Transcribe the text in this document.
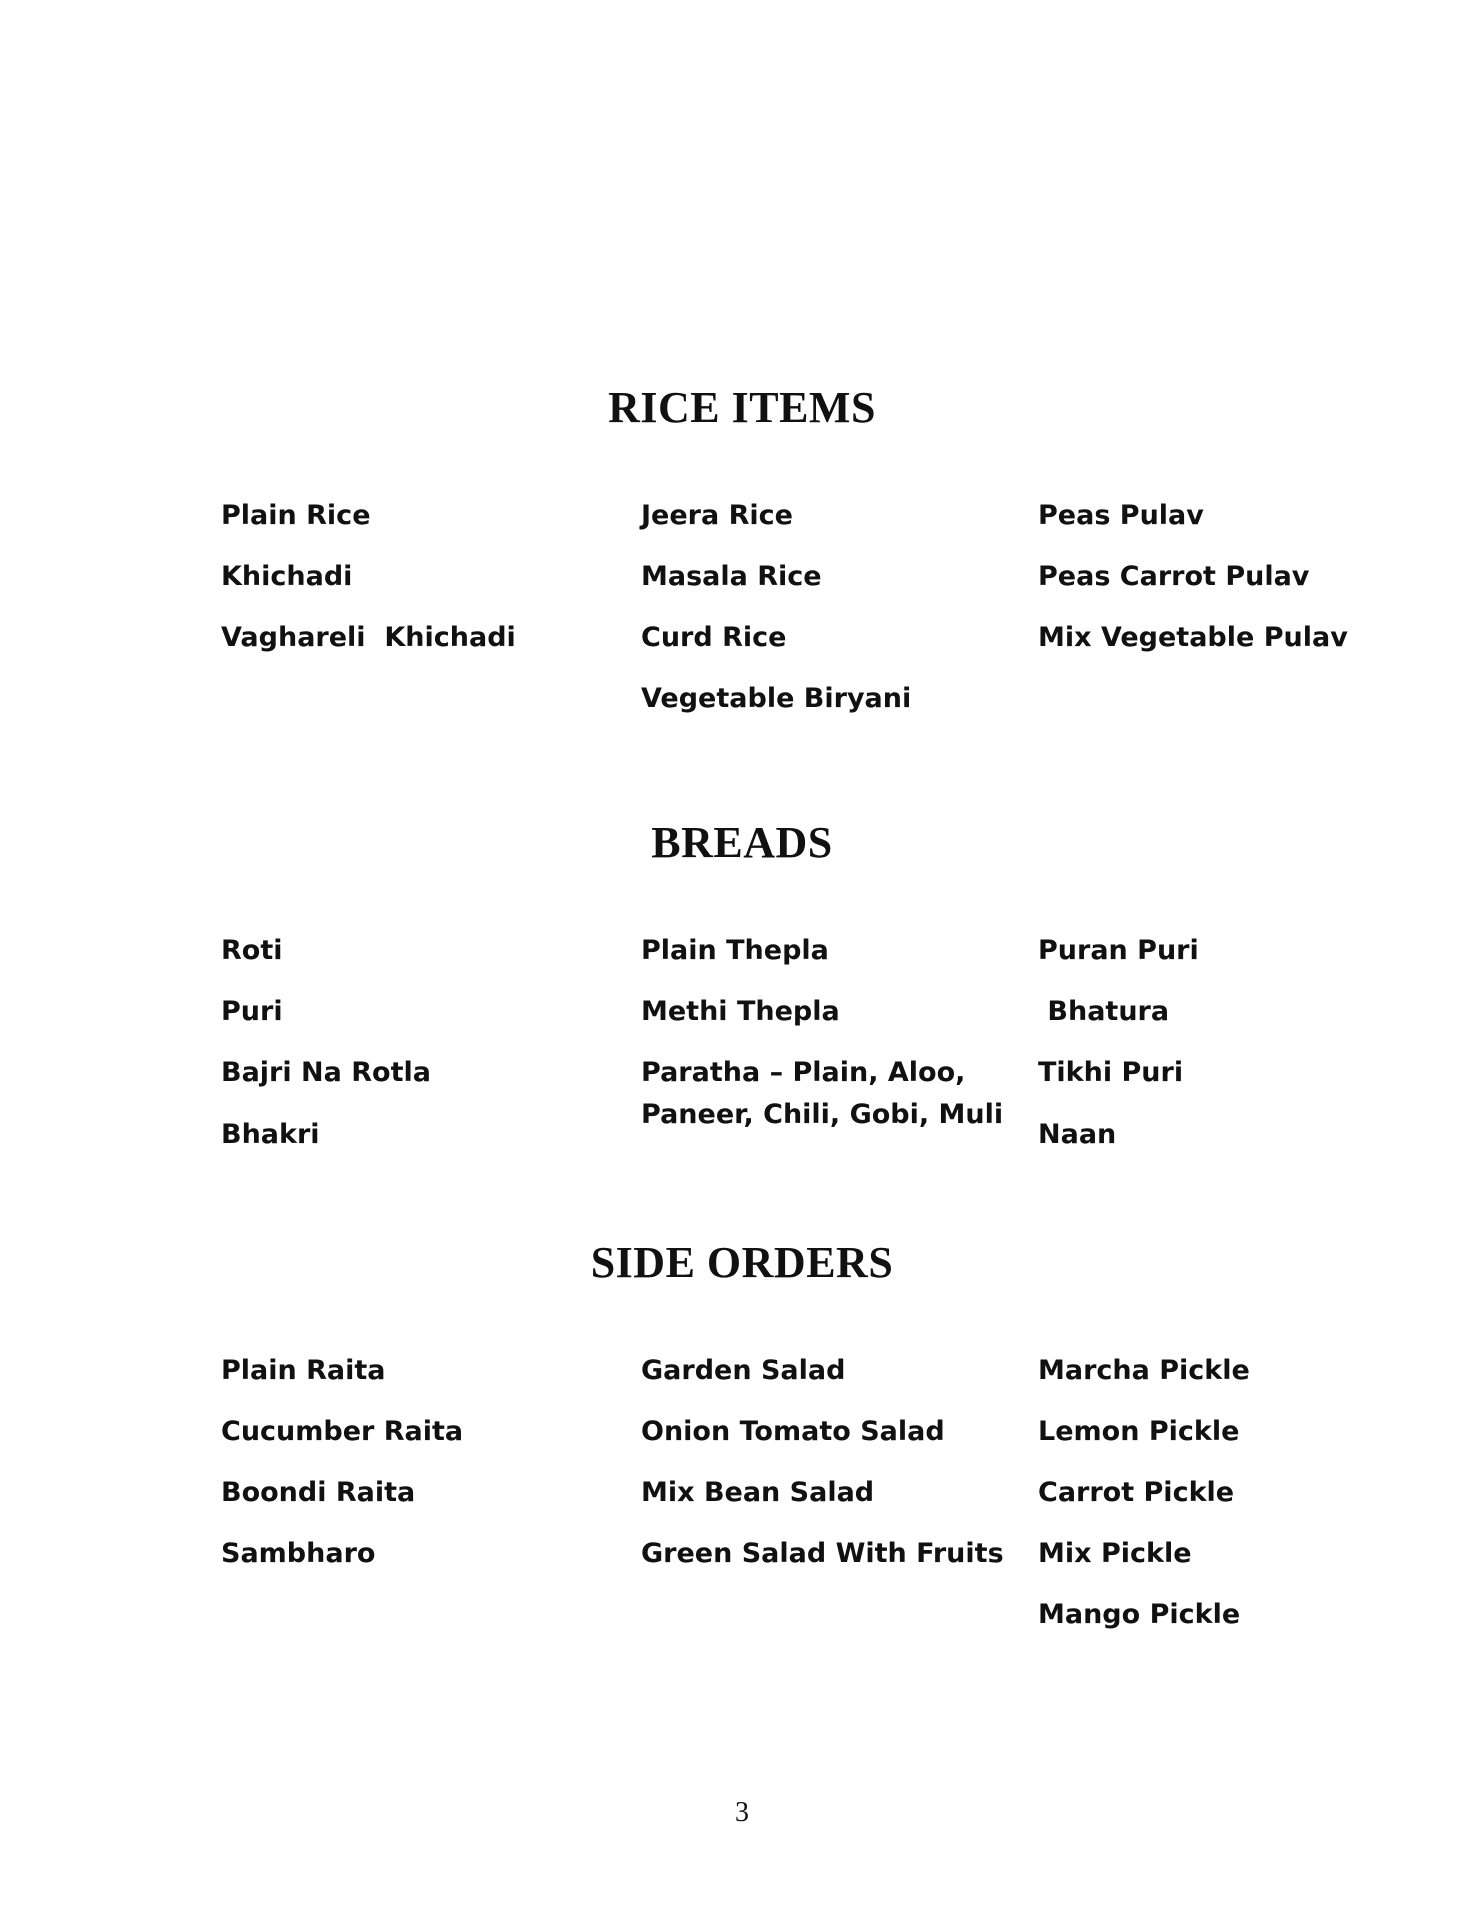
RICE ITEMS
Plain Rice
Khichadi
Vaghareli  Khichadi
Jeera Rice
Masala Rice
Curd Rice
Vegetable Biryani
Peas Pulav
Peas Carrot Pulav
Mix Vegetable Pulav
BREADS
Roti
Puri
Bajri Na Rotla
Bhakri
Plain Thepla
Methi Thepla
Paratha – Plain, Aloo,
Paneer, Chili, Gobi, Muli
Puran Puri
Bhatura
Tikhi Puri
Naan
SIDE ORDERS
Plain Raita
Cucumber Raita
Boondi Raita
Sambharo
Garden Salad
Onion Tomato Salad
Mix Bean Salad
Green Salad With Fruits
Marcha Pickle
Lemon Pickle
Carrot Pickle
Mix Pickle
Mango Pickle
3
